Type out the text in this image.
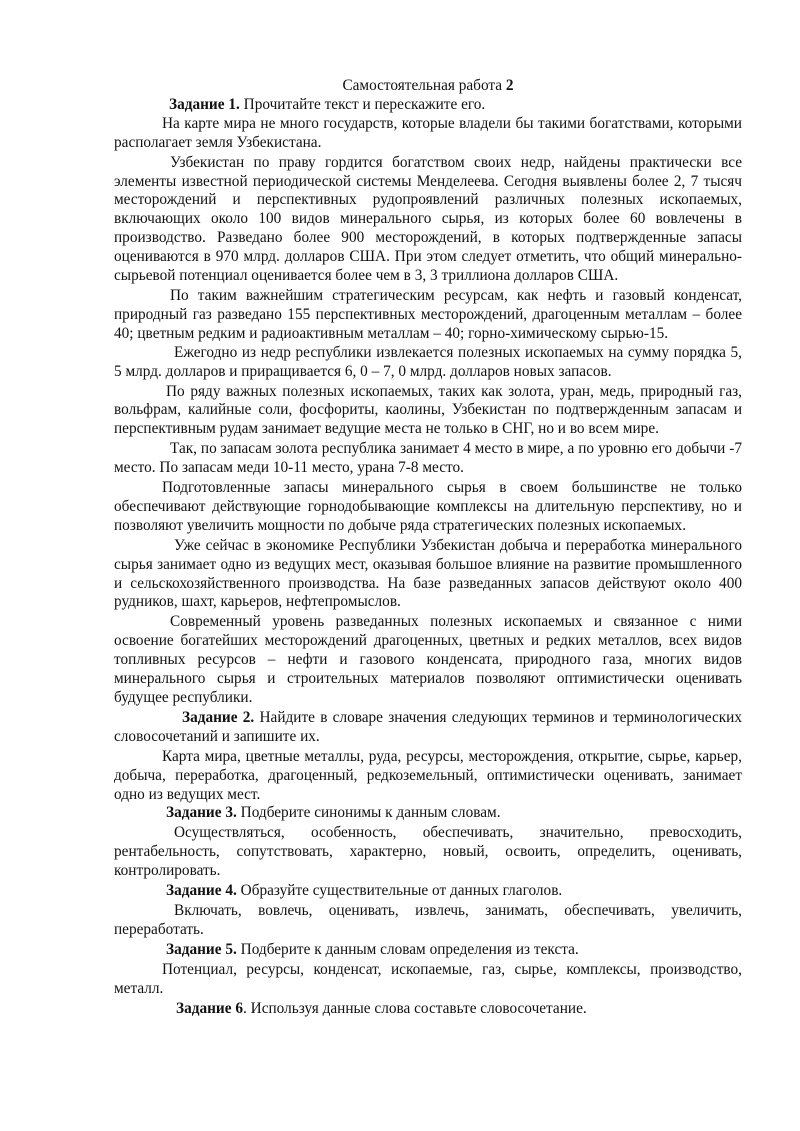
Самостоятельная работа 2

Задание 1. Прочитайте текст и перескажите его.

На карте мира не много государств, которые владели бы такими богатствами, которыми располагает земля Узбекистана.

Узбекистан по праву гордится богатством своих недр, найдены практически все элементы известной периодической системы Менделеева. Сегодня выявлены более 2, 7 тысяч месторождений и перспективных рудопроявлений различных полезных ископаемых, включающих около 100 видов минерального сырья, из которых более 60 вовлечены в производство. Разведано более 900 месторождений, в которых подтвержденные запасы оцениваются в 970 млрд. долларов США. При этом следует отметить, что общий минерально-сырьевой потенциал оценивается более чем в 3, 3 триллиона долларов США.

По таким важнейшим стратегическим ресурсам, как нефть и газовый конденсат, природный газ разведано 155 перспективных месторождений, драгоценным металлам – более 40; цветным редким и радиоактивным металлам – 40; горно-химическому сырью-15.

Ежегодно из недр республики извлекается полезных ископаемых на сумму порядка 5, 5 млрд. долларов и приращивается 6, 0 – 7, 0 млрд. долларов новых запасов.

По ряду важных полезных ископаемых, таких как золота, уран, медь, природный газ, вольфрам, калийные соли, фосфориты, каолины, Узбекистан по подтвержденным запасам и перспективным рудам занимает ведущие места не только в СНГ, но и во всем мире.

Так, по запасам золота республика занимает 4 место в мире, а по уровню его добычи -7 место. По запасам меди 10-11 место, урана 7-8 место.

Подготовленные запасы минерального сырья в своем большинстве не только обеспечивают действующие горнодобывающие комплексы на длительную перспективу, но и позволяют увеличить мощности по добыче ряда стратегических полезных ископаемых.

Уже сейчас в экономике Республики Узбекистан добыча и переработка минерального сырья занимает одно из ведущих мест, оказывая большое влияние на развитие промышленного и сельскохозяйственного производства. На базе разведанных запасов действуют около 400 рудников, шахт, карьеров, нефтепромыслов.

Современный уровень разведанных полезных ископаемых и связанное с ними освоение богатейших месторождений драгоценных, цветных и редких металлов, всех видов топливных ресурсов – нефти и газового конденсата, природного газа, многих видов минерального сырья и строительных материалов позволяют оптимистически оценивать будущее республики.

Задание 2. Найдите в словаре значения следующих терминов и терминологических словосочетаний и запишите их.

Карта мира, цветные металлы, руда, ресурсы, месторождения, открытие, сырье, карьер, добыча, переработка, драгоценный, редкоземельный, оптимистически оценивать, занимает одно из ведущих мест.

Задание 3. Подберите синонимы к данным словам.

Осуществляться, особенность, обеспечивать, значительно, превосходить, рентабельность, сопутствовать, характерно, новый, освоить, определить, оценивать, контролировать.

Задание 4. Образуйте существительные от данных глаголов.

Включать, вовлечь, оценивать, извлечь, занимать, обеспечивать, увеличить, переработать.

Задание 5. Подберите к данным словам определения из текста.

Потенциал, ресурсы, конденсат, ископаемые, газ, сырье, комплексы, производство, металл.

Задание 6. Используя данные слова составьте словосочетание.
